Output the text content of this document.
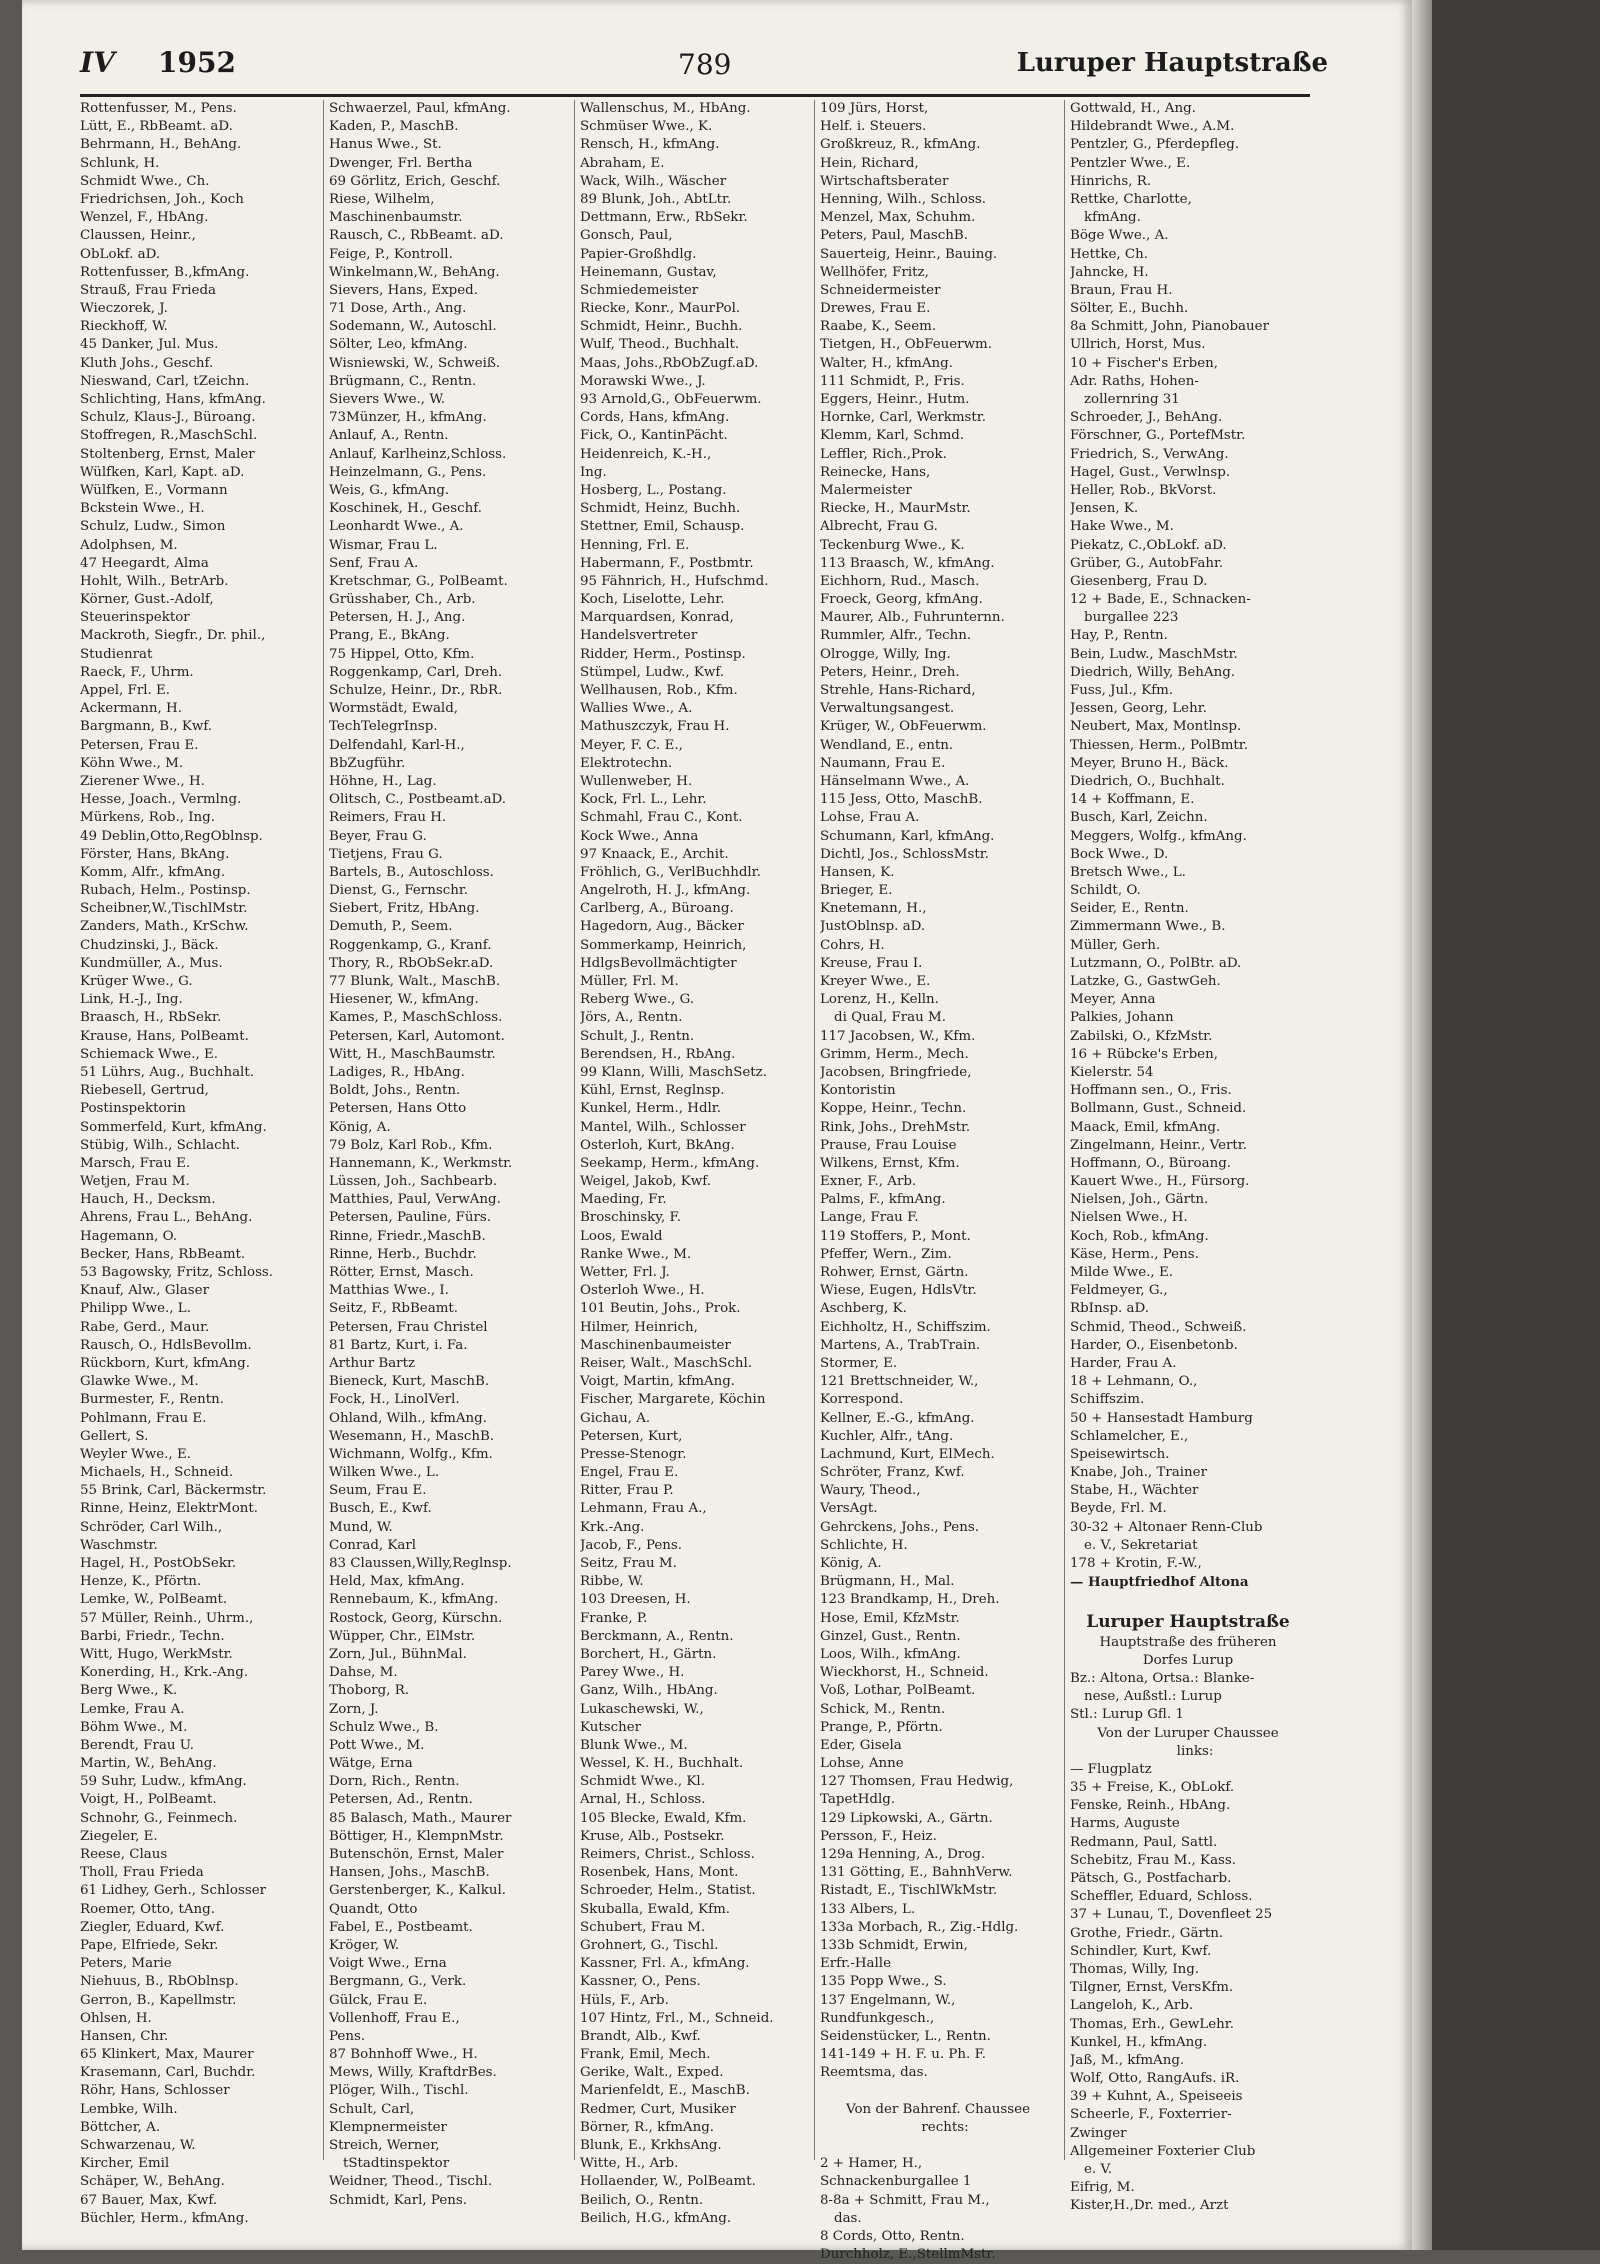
IV 1952	789	Luruper Hauptstraße
Rottenfusser, M., Pens.
Lütt, E., RbBeamt. aD.
Behrmann, H., BehAng.
Schlunk, H.
Schmidt Wwe., Ch.
Friedrichsen, Joh., Koch
Wenzel, F., HbAng.
Claussen, Heinr.,
ObLokf. aD.
Rottenfusser, B.,kfmAng.
Strauß, Frau Frieda
Wieczorek, J.
Rieckhoff, W.
45 Danker, Jul. Mus.
Kluth Johs., Geschf.
Nieswand, Carl, tZeichn.
Schlichting, Hans, kfmAng.
Schulz, Klaus-J., Büroang.
Stoffregen, R.,MaschSchl.
Stoltenberg, Ernst, Maler
Wülfken, Karl, Kapt. aD.
Wülfken, E., Vormann
Bckstein Wwe., H.
Schulz, Ludw., Simon
Adolphsen, M.
47 Heegardt, Alma
Hohlt, Wilh., BetrArb.
Körner, Gust.-Adolf,
Steuerinspektor
Mackroth, Siegfr., Dr. phil.,
Studienrat
Raeck, F., Uhrm.
Appel, Frl. E.
Ackermann, H.
Bargmann, B., Kwf.
Petersen, Frau E.
Köhn Wwe., M.
Zierener Wwe., H.
Hesse, Joach., Vermlng.
Mürkens, Rob., Ing.
49 Deblin,Otto,RegOblnsp.
Förster, Hans, BkAng.
Komm, Alfr., kfmAng.
Rubach, Helm., Postinsp.
Scheibner,W.,TischlMstr.
Zanders, Math., KrSchw.
Chudzinski, J., Bäck.
Kundmüller, A., Mus.
Krüger Wwe., G.
Link, H.-J., Ing.
Braasch, H., RbSekr.
Krause, Hans, PolBeamt.
Schiemack Wwe., E.
51 Lührs, Aug., Buchhalt.
Riebesell, Gertrud,
Postinspektorin
Sommerfeld, Kurt, kfmAng.
Stübig, Wilh., Schlacht.
Marsch, Frau E.
Wetjen, Frau M.
Hauch, H., Decksm.
Ahrens, Frau L., BehAng.
Hagemann, O.
Becker, Hans, RbBeamt.
53 Bagowsky, Fritz, Schloss.
Knauf, Alw., Glaser
Philipp Wwe., L.
Rabe, Gerd., Maur.
Rausch, O., HdlsBevollm.
Rückborn, Kurt, kfmAng.
Glawke Wwe., M.
Burmester, F., Rentn.
Pohlmann, Frau E.
Gellert, S.
Weyler Wwe., E.
Michaels, H., Schneid.
55 Brink, Carl, Bäckermstr.
Rinne, Heinz, ElektrMont.
Schröder, Carl Wilh.,
Waschmstr.
Hagel, H., PostObSekr.
Henze, K., Pförtn.
Lemke, W., PolBeamt.
57 Müller, Reinh., Uhrm.,
Barbi, Friedr., Techn.
Witt, Hugo, WerkMstr.
Konerding, H., Krk.-Ang.
Berg Wwe., K.
Lemke, Frau A.
Böhm Wwe., M.
Berendt, Frau U.
Martin, W., BehAng.
59 Suhr, Ludw., kfmAng.
Voigt, H., PolBeamt.
Schnohr, G., Feinmech.
Ziegeler, E.
Reese, Claus
Tholl, Frau Frieda
61 Lidhey, Gerh., Schlosser
Roemer, Otto, tAng.
Ziegler, Eduard, Kwf.
Pape, Elfriede, Sekr.
Peters, Marie
Niehuus, B., RbOblnsp.
Gerron, B., Kapellmstr.
Ohlsen, H.
Hansen, Chr.
65 Klinkert, Max, Maurer
Krasemann, Carl, Buchdr.
Röhr, Hans, Schlosser
Lembke, Wilh.
Böttcher, A.
Schwarzenau, W.
Kircher, Emil
Schäper, W., BehAng.
67 Bauer, Max, Kwf.
Büchler, Herm., kfmAng.
Schwaerzel, Paul, kfmAng.
Kaden, P., MaschB.
Hanus Wwe., St.
Dwenger, Frl. Bertha
69 Görlitz, Erich, Geschf.
Riese, Wilhelm,
Maschinenbaumstr.
Rausch, C., RbBeamt. aD.
Feige, P., Kontroll.
Winkelmann,W., BehAng.
Sievers, Hans, Exped.
71 Dose, Arth., Ang.
Sodemann, W., Autoschl.
Sölter, Leo, kfmAng.
Wisniewski, W., Schweiß.
Brügmann, C., Rentn.
Sievers Wwe., W.
73Münzer, H., kfmAng.
Anlauf, A., Rentn.
Anlauf, Karlheinz,Schloss.
Heinzelmann, G., Pens.
Weis, G., kfmAng.
Koschinek, H., Geschf.
Leonhardt Wwe., A.
Wismar, Frau L.
Senf, Frau A.
Kretschmar, G., PolBeamt.
Grüsshaber, Ch., Arb.
Petersen, H. J., Ang.
Prang, E., BkAng.
75 Hippel, Otto, Kfm.
Roggenkamp, Carl, Dreh.
Schulze, Heinr., Dr., RbR.
Wormstädt, Ewald,
TechTelegrInsp.
Delfendahl, Karl-H.,
BbZugführ.
Höhne, H., Lag.
Olitsch, C., Postbeamt.aD.
Reimers, Frau H.
Beyer, Frau G.
Tietjens, Frau G.
Bartels, B., Autoschloss.
Dienst, G., Fernschr.
Siebert, Fritz, HbAng.
Demuth, P., Seem.
Roggenkamp, G., Kranf.
Thory, R., RbObSekr.aD.
77 Blunk, Walt., MaschB.
Hiesener, W., kfmAng.
Kames, P., MaschSchloss.
Petersen, Karl, Automont.
Witt, H., MaschBaumstr.
Ladiges, R., HbAng.
Boldt, Johs., Rentn.
Petersen, Hans Otto
König, A.
79 Bolz, Karl Rob., Kfm.
Hannemann, K., Werkmstr.
Lüssen, Joh., Sachbearb.
Matthies, Paul, VerwAng.
Petersen, Pauline, Fürs.
Rinne, Friedr.,MaschB.
Rinne, Herb., Buchdr.
Rötter, Ernst, Masch.
Matthias Wwe., I.
Seitz, F., RbBeamt.
Petersen, Frau Christel
81 Bartz, Kurt, i. Fa.
Arthur Bartz
Bieneck, Kurt, MaschB.
Fock, H., LinolVerl.
Ohland, Wilh., kfmAng.
Wesemann, H., MaschB.
Wichmann, Wolfg., Kfm.
Wilken Wwe., L.
Seum, Frau E.
Busch, E., Kwf.
Mund, W.
Conrad, Karl
83 Claussen,Willy,Reglnsp.
Held, Max, kfmAng.
Rennebaum, K., kfmAng.
Rostock, Georg, Kürschn.
Wüpper, Chr., ElMstr.
Zorn, Jul., BühnMal.
Dahse, M.
Thoborg, R.
Zorn, J.
Schulz Wwe., B.
Pott Wwe., M.
Wätge, Erna
Dorn, Rich., Rentn.
Petersen, Ad., Rentn.
85 Balasch, Math., Maurer
Böttiger, H., KlempnMstr.
Butenschön, Ernst, Maler
Hansen, Johs., MaschB.
Gerstenberger, K., Kalkul.
Quandt, Otto
Fabel, E., Postbeamt.
Kröger, W.
Voigt Wwe., Erna
Bergmann, G., Verk.
Gülck, Frau E.
Vollenhoff, Frau E.,
Pens.
87 Bohnhoff Wwe., H.
Mews, Willy, KraftdrBes.
Plöger, Wilh., Tischl.
Schult, Carl,
Klempnermeister
Streich, Werner,
tStadtinspektor
Weidner, Theod., Tischl.
Schmidt, Karl, Pens.
Wallenschus, M., HbAng.
Schmüser Wwe., K.
Rensch, H., kfmAng.
Abraham, E.
Wack, Wilh., Wäscher
89 Blunk, Joh., AbtLtr.
Dettmann, Erw., RbSekr.
Gonsch, Paul,
Papier-Großhdlg.
Heinemann, Gustav,
Schmiedemeister
Riecke, Konr., MaurPol.
Schmidt, Heinr., Buchh.
Wulf, Theod., Buchhalt.
Maas, Johs.,RbObZugf.aD.
Morawski Wwe., J.
93 Arnold,G., ObFeuerwm.
Cords, Hans, kfmAng.
Fick, O., KantinPächt.
Heidenreich, K.-H.,
Ing.
Hosberg, L., Postang.
Schmidt, Heinz, Buchh.
Stettner, Emil, Schausp.
Henning, Frl. E.
Habermann, F., Postbmtr.
95 Fähnrich, H., Hufschmd.
Koch, Liselotte, Lehr.
Marquardsen, Konrad,
Handelsvertreter
Ridder, Herm., Postinsp.
Stümpel, Ludw., Kwf.
Wellhausen, Rob., Kfm.
Wallies Wwe., A.
Mathuszczyk, Frau H.
Meyer, F. C. E.,
Elektrotechn.
Wullenweber, H.
Kock, Frl. L., Lehr.
Schmahl, Frau C., Kont.
Kock Wwe., Anna
97 Knaack, E., Archit.
Fröhlich, G., VerlBuchhdlr.
Angelroth, H. J., kfmAng.
Carlberg, A., Büroang.
Hagedorn, Aug., Bäcker
Sommerkamp, Heinrich,
HdlgsBevollmächtigter
Müller, Frl. M.
Reberg Wwe., G.
Jörs, A., Rentn.
Schult, J., Rentn.
Berendsen, H., RbAng.
99 Klann, Willi, MaschSetz.
Kühl, Ernst, Reglnsp.
Kunkel, Herm., Hdlr.
Mantel, Wilh., Schlosser
Osterloh, Kurt, BkAng.
Seekamp, Herm., kfmAng.
Weigel, Jakob, Kwf.
Maeding, Fr.
Broschinsky, F.
Loos, Ewald
Ranke Wwe., M.
Wetter, Frl. J.
Osterloh Wwe., H.
101 Beutin, Johs., Prok.
Hilmer, Heinrich,
Maschinenbaumeister
Reiser, Walt., MaschSchl.
Voigt, Martin, kfmAng.
Fischer, Margarete, Köchin
Gichau, A.
Petersen, Kurt,
Presse-Stenogr.
Engel, Frau E.
Ritter, Frau P.
Lehmann, Frau A.,
Krk.-Ang.
Jacob, F., Pens.
Seitz, Frau M.
Ribbe, W.
103 Dreesen, H.
Franke, P.
Berckmann, A., Rentn.
Borchert, H., Gärtn.
Parey Wwe., H.
Ganz, Wilh., HbAng.
Lukaschewski, W.,
Kutscher
Blunk Wwe., M.
Wessel, K. H., Buchhalt.
Schmidt Wwe., Kl.
Arnal, H., Schloss.
105 Blecke, Ewald, Kfm.
Kruse, Alb., Postsekr.
Reimers, Christ., Schloss.
Rosenbek, Hans, Mont.
Schroeder, Helm., Statist.
Skuballa, Ewald, Kfm.
Schubert, Frau M.
Grohnert, G., Tischl.
Kassner, Frl. A., kfmAng.
Kassner, O., Pens.
Hüls, F., Arb.
107 Hintz, Frl., M., Schneid.
Brandt, Alb., Kwf.
Frank, Emil, Mech.
Gerike, Walt., Exped.
Marienfeldt, E., MaschB.
Redmer, Curt, Musiker
Börner, R., kfmAng.
Blunk, E., KrkhsAng.
Witte, H., Arb.
Hollaender, W., PolBeamt.
Beilich, O., Rentn.
Beilich, H.G., kfmAng.
109 Jürs, Horst,
Helf. i. Steuers.
Großkreuz, R., kfmAng.
Hein, Richard,
Wirtschaftsberater
Henning, Wilh., Schloss.
Menzel, Max, Schuhm.
Peters, Paul, MaschB.
Sauerteig, Heinr., Bauing.
Wellhöfer, Fritz,
Schneidermeister
Drewes, Frau E.
Raabe, K., Seem.
Tietgen, H., ObFeuerwm.
Walter, H., kfmAng.
111 Schmidt, P., Fris.
Eggers, Heinr., Hutm.
Hornke, Carl, Werkmstr.
Klemm, Karl, Schmd.
Leffler, Rich.,Prok.
Reinecke, Hans,
Malermeister
Riecke, H., MaurMstr.
Albrecht, Frau G.
Teckenburg Wwe., K.
113 Braasch, W., kfmAng.
Eichhorn, Rud., Masch.
Froeck, Georg, kfmAng.
Maurer, Alb., Fuhrunternn.
Rummler, Alfr., Techn.
Olrogge, Willy, Ing.
Peters, Heinr., Dreh.
Strehle, Hans-Richard,
Verwaltungsangest.
Krüger, W., ObFeuerwm.
Wendland, E., entn.
Naumann, Frau E.
Hänselmann Wwe., A.
115 Jess, Otto, MaschB.
Lohse, Frau A.
Schumann, Karl, kfmAng.
Dichtl, Jos., SchlossMstr.
Hansen, K.
Brieger, E.
Knetemann, H.,
JustOblnsp. aD.
Cohrs, H.
Kreuse, Frau I.
Kreyer Wwe., E.
Lorenz, H., Kelln.
di Qual, Frau M.
117 Jacobsen, W., Kfm.
Grimm, Herm., Mech.
Jacobsen, Bringfriede,
Kontoristin
Koppe, Heinr., Techn.
Rink, Johs., DrehMstr.
Prause, Frau Louise
Wilkens, Ernst, Kfm.
Exner, F., Arb.
Palms, F., kfmAng.
Lange, Frau F.
119 Stoffers, P., Mont.
Pfeffer, Wern., Zim.
Rohwer, Ernst, Gärtn.
Wiese, Eugen, HdlsVtr.
Aschberg, K.
Eichholtz, H., Schiffszim.
Martens, A., TrabTrain.
Stormer, E.
121 Brettschneider, W.,
Korrespond.
Kellner, E.-G., kfmAng.
Kuchler, Alfr., tAng.
Lachmund, Kurt, ElMech.
Schröter, Franz, Kwf.
Waury, Theod.,
VersAgt.
Gehrckens, Johs., Pens.
Schlichte, H.
König, A.
Brügmann, H., Mal.
123 Brandkamp, H., Dreh.
Hose, Emil, KfzMstr.
Ginzel, Gust., Rentn.
Loos, Wilh., kfmAng.
Wieckhorst, H., Schneid.
Voß, Lothar, PolBeamt.
Schick, M., Rentn.
Prange, P., Pförtn.
Eder, Gisela
Lohse, Anne
127 Thomsen, Frau Hedwig,
TapetHdlg.
129 Lipkowski, A., Gärtn.
Persson, F., Heiz.
129a Henning, A., Drog.
131 Götting, E., BahnhVerw.
Ristadt, E., TischlWkMstr.
133 Albers, L.
133a Morbach, R., Zig.-Hdlg.
133b Schmidt, Erwin,
Erfr.-Halle
135 Popp Wwe., S.
137 Engelmann, W.,
Rundfunkgesch.,
Seidenstücker, L., Rentn.
141-149 + H. F. u. Ph. F.
Reemtsma, das.
Von der Bahrenf. Chaussee
rechts:
2 + Hamer, H.,
Schnackenburgallee 1
8-8a + Schmitt, Frau M.,
das.
8 Cords, Otto, Rentn.
Durchholz, E.,StellmMstr.
Gottwald, H., Ang.
Hildebrandt Wwe., A.M.
Pentzler, G., Pferdepfleg.
Pentzler Wwe., E.
Hinrichs, R.
Rettke, Charlotte,
kfmAng.
Böge Wwe., A.
Hettke, Ch.
Jahncke, H.
Braun, Frau H.
Sölter, E., Buchh.
8a Schmitt, John, Pianobauer
Ullrich, Horst, Mus.
10 + Fischer's Erben,
Adr. Raths, Hohen-
zollernring 31
Schroeder, J., BehAng.
Förschner, G., PortefMstr.
Friedrich, S., VerwAng.
Hagel, Gust., Verwlnsp.
Heller, Rob., BkVorst.
Jensen, K.
Hake Wwe., M.
Piekatz, C.,ObLokf. aD.
Grüber, G., AutobFahr.
Giesenberg, Frau D.
12 + Bade, E., Schnacken-
burgallee 223
Hay, P., Rentn.
Bein, Ludw., MaschMstr.
Diedrich, Willy, BehAng.
Fuss, Jul., Kfm.
Jessen, Georg, Lehr.
Neubert, Max, Montlnsp.
Thiessen, Herm., PolBmtr.
Meyer, Bruno H., Bäck.
Diedrich, O., Buchhalt.
14 + Koffmann, E.
Busch, Karl, Zeichn.
Meggers, Wolfg., kfmAng.
Bock Wwe., D.
Bretsch Wwe., L.
Schildt, O.
Seider, E., Rentn.
Zimmermann Wwe., B.
Müller, Gerh.
Lutzmann, O., PolBtr. aD.
Latzke, G., GastwGeh.
Meyer, Anna
Palkies, Johann
Zabilski, O., KfzMstr.
16 + Rübcke's Erben,
Kielerstr. 54
Hoffmann sen., O., Fris.
Bollmann, Gust., Schneid.
Maack, Emil, kfmAng.
Zingelmann, Heinr., Vertr.
Hoffmann, O., Büroang.
Kauert Wwe., H., Fürsorg.
Nielsen, Joh., Gärtn.
Nielsen Wwe., H.
Koch, Rob., kfmAng.
Käse, Herm., Pens.
Milde Wwe., E.
Feldmeyer, G.,
RbInsp. aD.
Schmid, Theod., Schweiß.
Harder, O., Eisenbetonb.
Harder, Frau A.
18 + Lehmann, O.,
Schiffszim.
50 + Hansestadt Hamburg
Schlamelcher, E.,
Speisewirtsch.
Knabe, Joh., Trainer
Stabe, H., Wächter
Beyde, Frl. M.
30-32 + Altonaer Renn-Club
e. V., Sekretariat
178 + Krotin, F.-W.,
— Hauptfriedhof Altona
Luruper Hauptstraße
Hauptstraße des früheren
Dorfes Lurup
Bz.: Altona, Ortsa.: Blanke-
nese, Außstl.: Lurup
Stl.: Lurup Gfl. 1
Von der Luruper Chaussee
links:
— Flugplatz
35 + Freise, K., ObLokf.
Fenske, Reinh., HbAng.
Harms, Auguste
Redmann, Paul, Sattl.
Schebitz, Frau M., Kass.
Pätsch, G., Postfacharb.
Scheffler, Eduard, Schloss.
37 + Lunau, T., Dovenfleet 25
Grothe, Friedr., Gärtn.
Schindler, Kurt, Kwf.
Thomas, Willy, Ing.
Tilgner, Ernst, VersKfm.
Langeloh, K., Arb.
Thomas, Erh., GewLehr.
Kunkel, H., kfmAng.
Jaß, M., kfmAng.
Wolf, Otto, RangAufs. iR.
39 + Kuhnt, A., Speiseeis
Scheerle, F., Foxterrier-
Zwinger
Allgemeiner Foxterier Club
e. V.
Eifrig, M.
Kister,H.,Dr. med., Arzt
